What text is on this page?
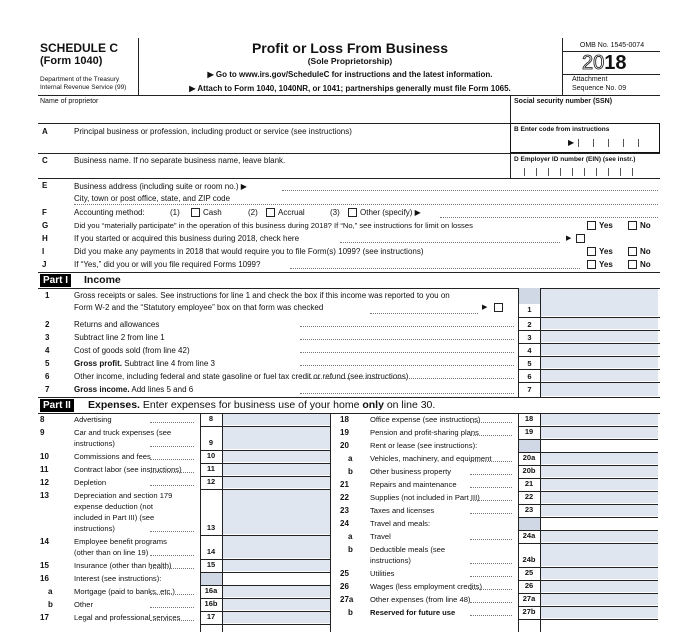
SCHEDULE C
(Form 1040)
Department of the Treasury
Internal Revenue Service (99)
Profit or Loss From Business
(Sole Proprietorship)
▶ Go to www.irs.gov/ScheduleC for instructions and the latest information.
▶ Attach to Form 1040, 1040NR, or 1041; partnerships generally must file Form 1065.
OMB No. 1545-0074
2018
Attachment
Sequence No. 09
Name of proprietor	Social security number (SSN)
A	Principal business or profession, including product or service (see instructions)	B Enter code from instructions
▶
C	Business name. If no separate business name, leave blank.	D Employer ID number (EIN) (see instr.)
E	Business address (including suite or room no.) ▶
City, town or post office, state, and ZIP code
F	Accounting method:	(1)	Cash	(2)	Accrual	(3)	Other (specify) ▶
G	Did you “materially participate” in the operation of this business during 2018? If “No,” see instructions for limit on losses	Yes	No
H	If you started or acquired this business during 2018, check here	▶
I	Did you make any payments in 2018 that would require you to file Form(s) 1099? (see instructions)	Yes	No
J	If “Yes,” did you or will you file required Forms 1099?	Yes	No
Part I Income
1	Gross receipts or sales. See instructions for line 1 and check the box if this income was reported to you on
Form W-2 and the “Statutory employee” box on that form was checked	▶	1
2	Returns and allowances	2
3	Subtract line 2 from line 1	3
4	Cost of goods sold (from line 42)	4
5	Gross profit. Subtract line 4 from line 3	5
6	Other income, including federal and state gasoline or fuel tax credit or refund (see instructions)	6
7	Gross income. Add lines 5 and 6	7
Part II Expenses. Enter expenses for business use of your home only on line 30.
8	Advertising	8
9	Car and truck expenses (see
instructions)	9
10	Commissions and fees	10
11	Contract labor (see instructions)	11
12	Depletion	12
13	Depreciation and section 179
expense deduction (not
included in Part III) (see
instructions)	13
14	Employee benefit programs
(other than on line 19)	14
15	Insurance (other than health)	15
16	Interest (see instructions):
a	Mortgage (paid to banks, etc.)	16a
b	Other	16b
17	Legal and professional services	17
18	Office expense (see instructions)	18
19	Pension and profit-sharing plans	19
20	Rent or lease (see instructions):
a Vehicles, machinery, and equipment	20a
b Other business property	20b
21	Repairs and maintenance	21
22	Supplies (not included in Part III)	22
23	Taxes and licenses	23
24	Travel and meals:
a Travel	24a
b Deductible meals (see
instructions)	24b
25	Utilities	25
26	Wages (less employment credits)	26
27a Other expenses (from line 48)	27a
b Reserved for future use	27b
